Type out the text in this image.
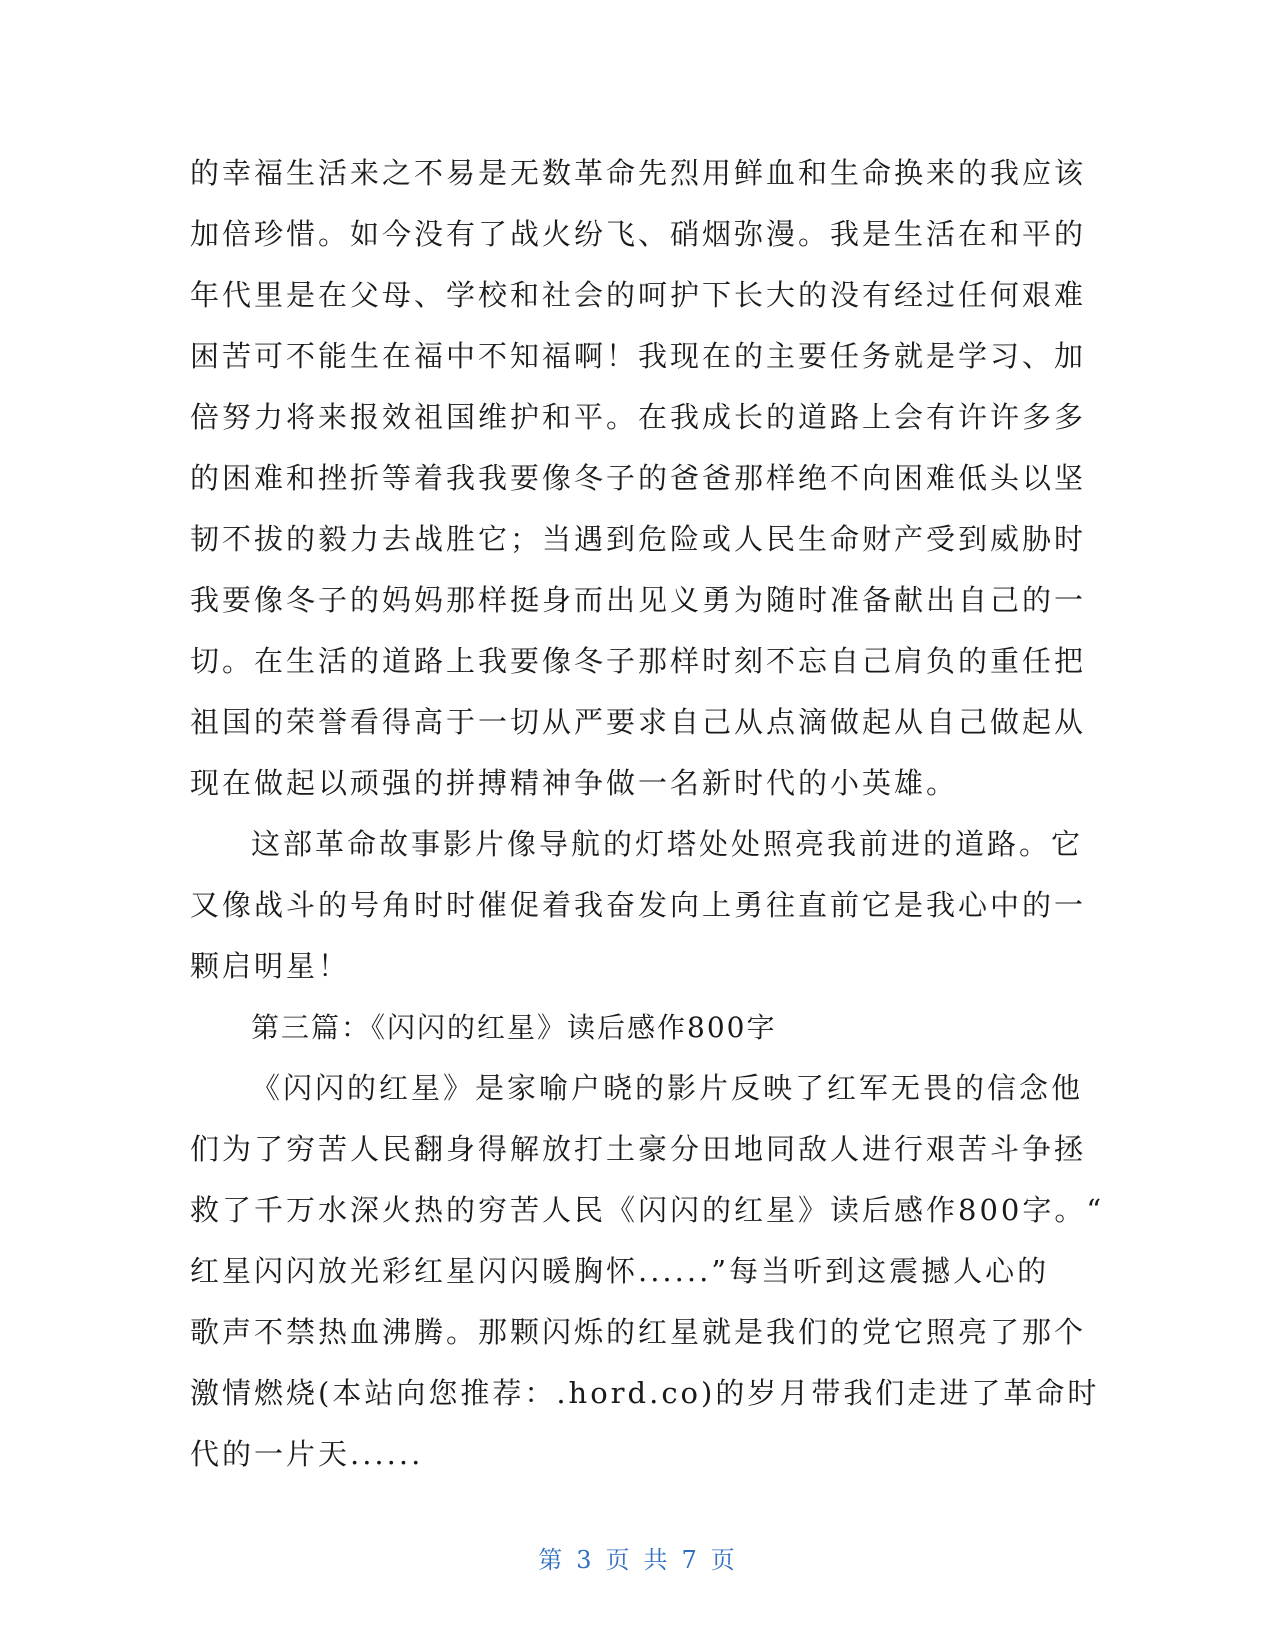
的幸福生活来之不易是无数革命先烈用鲜血和生命换来的我应该
加倍珍惜。如今没有了战火纷飞、硝烟弥漫。我是生活在和平的
年代里是在父母、学校和社会的呵护下长大的没有经过任何艰难
困苦可不能生在福中不知福啊！我现在的主要任务就是学习、加
倍努力将来报效祖国维护和平。在我成长的道路上会有许许多多
的困难和挫折等着我我要像冬子的爸爸那样绝不向困难低头以坚
韧不拔的毅力去战胜它；当遇到危险或人民生命财产受到威胁时
我要像冬子的妈妈那样挺身而出见义勇为随时准备献出自己的一
切。在生活的道路上我要像冬子那样时刻不忘自己肩负的重任把
祖国的荣誉看得高于一切从严要求自己从点滴做起从自己做起从
现在做起以顽强的拼搏精神争做一名新时代的小英雄。
这部革命故事影片像导航的灯塔处处照亮我前进的道路。它
又像战斗的号角时时催促着我奋发向上勇往直前它是我心中的一
颗启明星！
第三篇：《闪闪的红星》读后感作800字
《闪闪的红星》是家喻户晓的影片反映了红军无畏的信念他
们为了穷苦人民翻身得解放打土豪分田地同敌人进行艰苦斗争拯
救了千万水深火热的穷苦人民《闪闪的红星》读后感作800字。“
红星闪闪放光彩红星闪闪暖胸怀......”每当听到这震撼人心的
歌声不禁热血沸腾。那颗闪烁的红星就是我们的党它照亮了那个
激情燃烧(本站向您推荐：.hord.co)的岁月带我们走进了革命时
代的一片天......
第 3 页 共 7 页
